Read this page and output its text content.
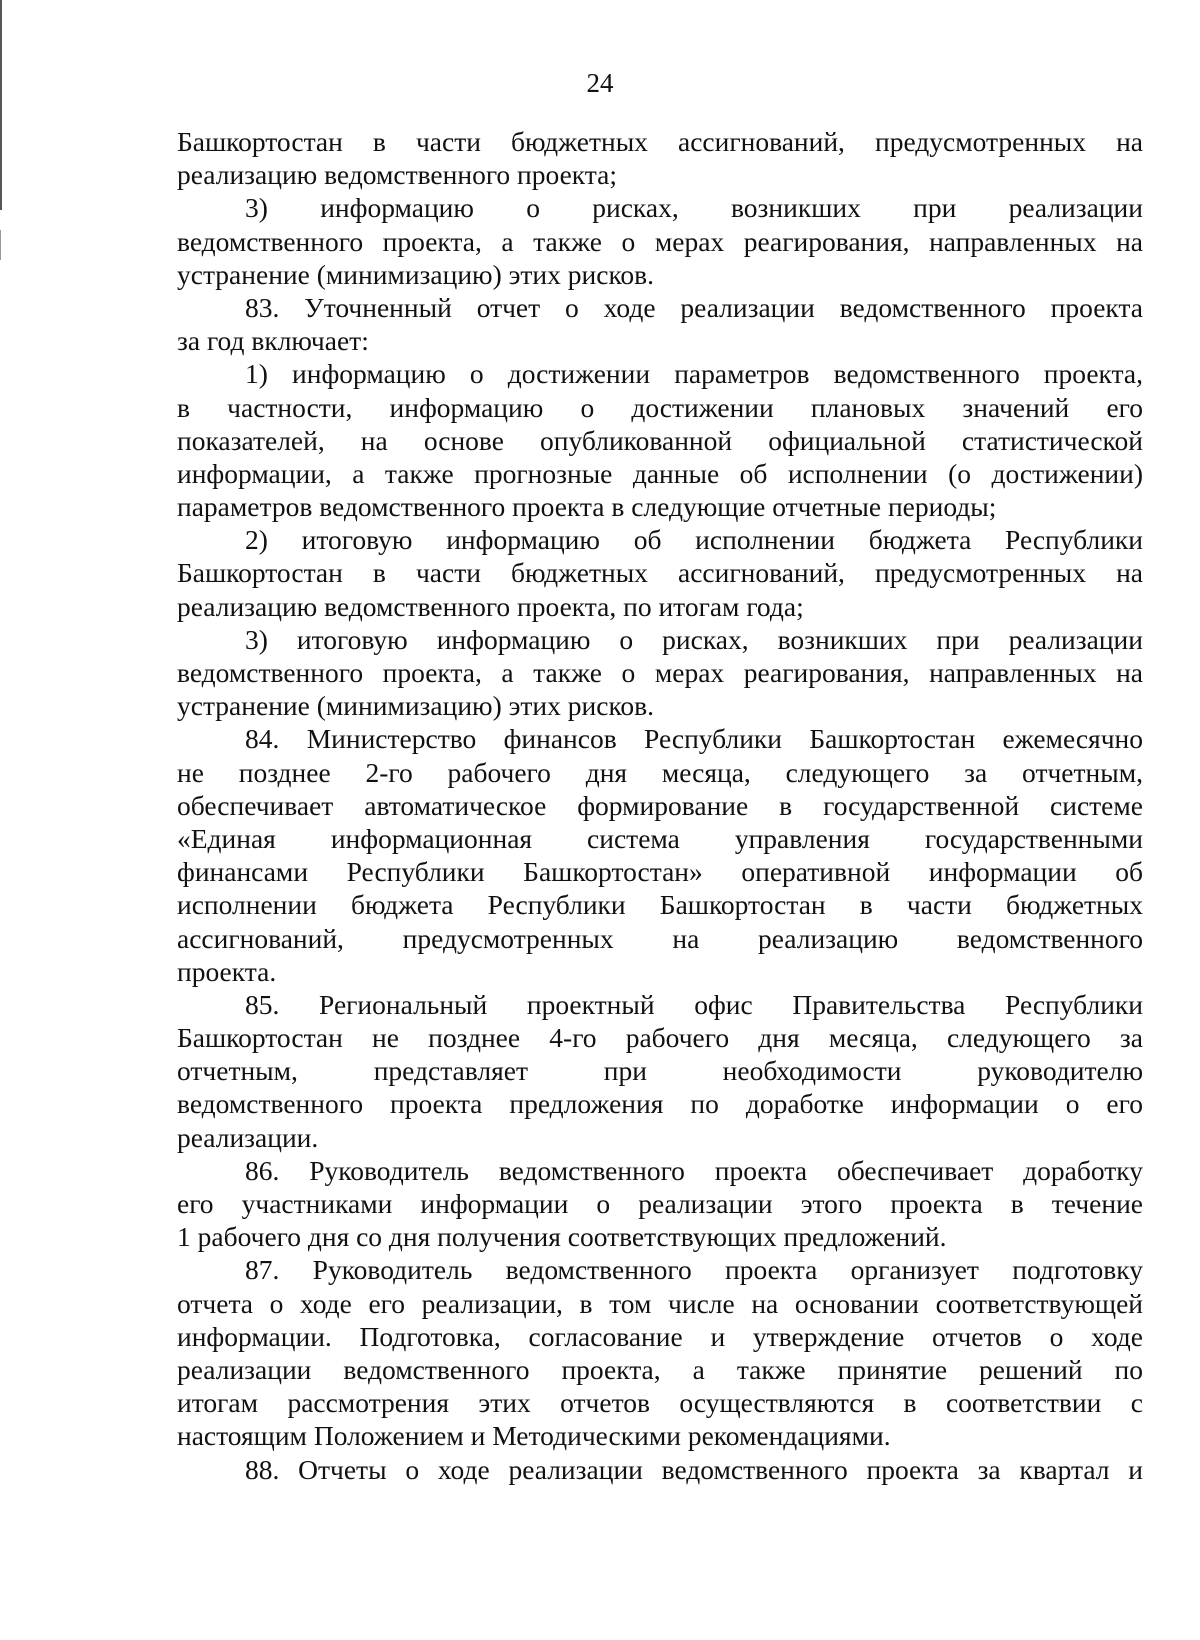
24
Башкортостан в части бюджетных ассигнований, предусмотренных на
реализацию ведомственного проекта;
3) информацию о рисках, возникших при реализации
ведомственного проекта, а также о мерах реагирования, направленных на
устранение (минимизацию) этих рисков.
83. Уточненный отчет о ходе реализации ведомственного проекта
за год включает:
1) информацию о достижении параметров ведомственного проекта,
в частности, информацию о достижении плановых значений его
показателей, на основе опубликованной официальной статистической
информации, а также прогнозные данные об исполнении (о достижении)
параметров ведомственного проекта в следующие отчетные периоды;
2) итоговую информацию об исполнении бюджета Республики
Башкортостан в части бюджетных ассигнований, предусмотренных на
реализацию ведомственного проекта, по итогам года;
3) итоговую информацию о рисках, возникших при реализации
ведомственного проекта, а также о мерах реагирования, направленных на
устранение (минимизацию) этих рисков.
84. Министерство финансов Республики Башкортостан ежемесячно
не позднее 2-го рабочего дня месяца, следующего за отчетным,
обеспечивает автоматическое формирование в государственной системе
«Единая информационная система управления государственными
финансами Республики Башкортостан» оперативной информации об
исполнении бюджета Республики Башкортостан в части бюджетных
ассигнований, предусмотренных на реализацию ведомственного
проекта.
85. Региональный проектный офис Правительства Республики
Башкортостан не позднее 4-го рабочего дня месяца, следующего за
отчетным, представляет при необходимости руководителю
ведомственного проекта предложения по доработке информации о его
реализации.
86. Руководитель ведомственного проекта обеспечивает доработку
его участниками информации о реализации этого проекта в течение
1 рабочего дня со дня получения соответствующих предложений.
87. Руководитель ведомственного проекта организует подготовку
отчета о ходе его реализации, в том числе на основании соответствующей
информации. Подготовка, согласование и утверждение отчетов о ходе
реализации ведомственного проекта, а также принятие решений по
итогам рассмотрения этих отчетов осуществляются в соответствии с
настоящим Положением и Методическими рекомендациями.
88. Отчеты о ходе реализации ведомственного проекта за квартал и
